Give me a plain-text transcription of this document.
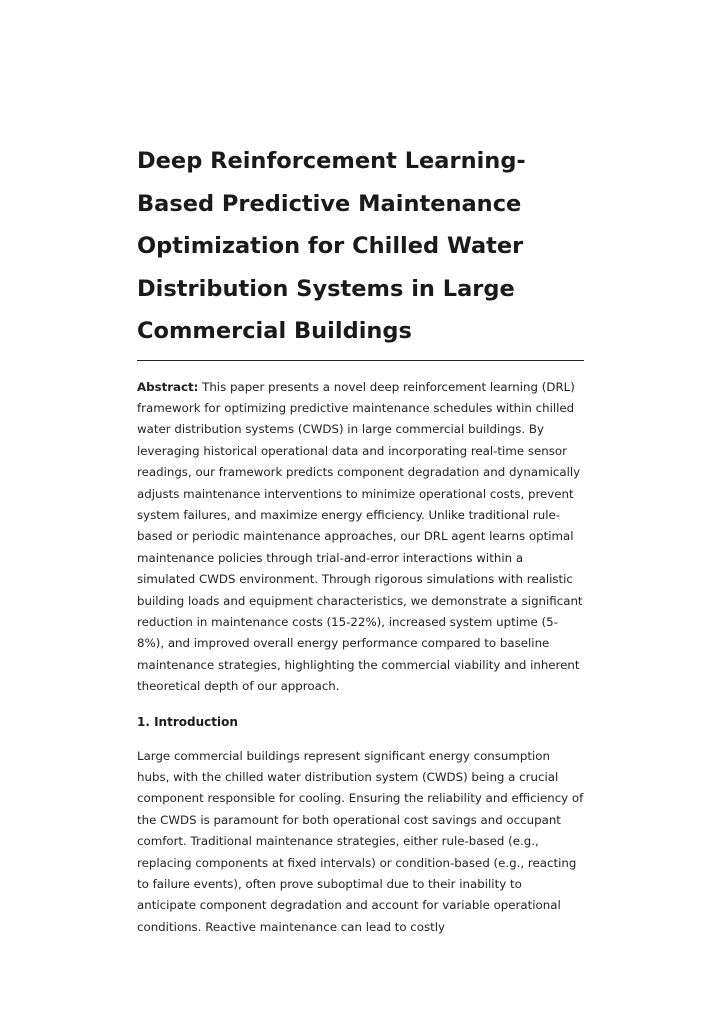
Deep Reinforcement Learning-Based Predictive Maintenance Optimization for Chilled Water Distribution Systems in Large Commercial Buildings

Abstract: This paper presents a novel deep reinforcement learning (DRL) framework for optimizing predictive maintenance schedules within chilled water distribution systems (CWDS) in large commercial buildings. By leveraging historical operational data and incorporating real-time sensor readings, our framework predicts component degradation and dynamically adjusts maintenance interventions to minimize operational costs, prevent system failures, and maximize energy efficiency. Unlike traditional rule-based or periodic maintenance approaches, our DRL agent learns optimal maintenance policies through trial-and-error interactions within a simulated CWDS environment. Through rigorous simulations with realistic building loads and equipment characteristics, we demonstrate a significant reduction in maintenance costs (15-22%), increased system uptime (5-8%), and improved overall energy performance compared to baseline maintenance strategies, highlighting the commercial viability and inherent theoretical depth of our approach.

1. Introduction

Large commercial buildings represent significant energy consumption hubs, with the chilled water distribution system (CWDS) being a crucial component responsible for cooling. Ensuring the reliability and efficiency of the CWDS is paramount for both operational cost savings and occupant comfort. Traditional maintenance strategies, either rule-based (e.g., replacing components at fixed intervals) or condition-based (e.g., reacting to failure events), often prove suboptimal due to their inability to anticipate component degradation and account for variable operational conditions. Reactive maintenance can lead to costly
